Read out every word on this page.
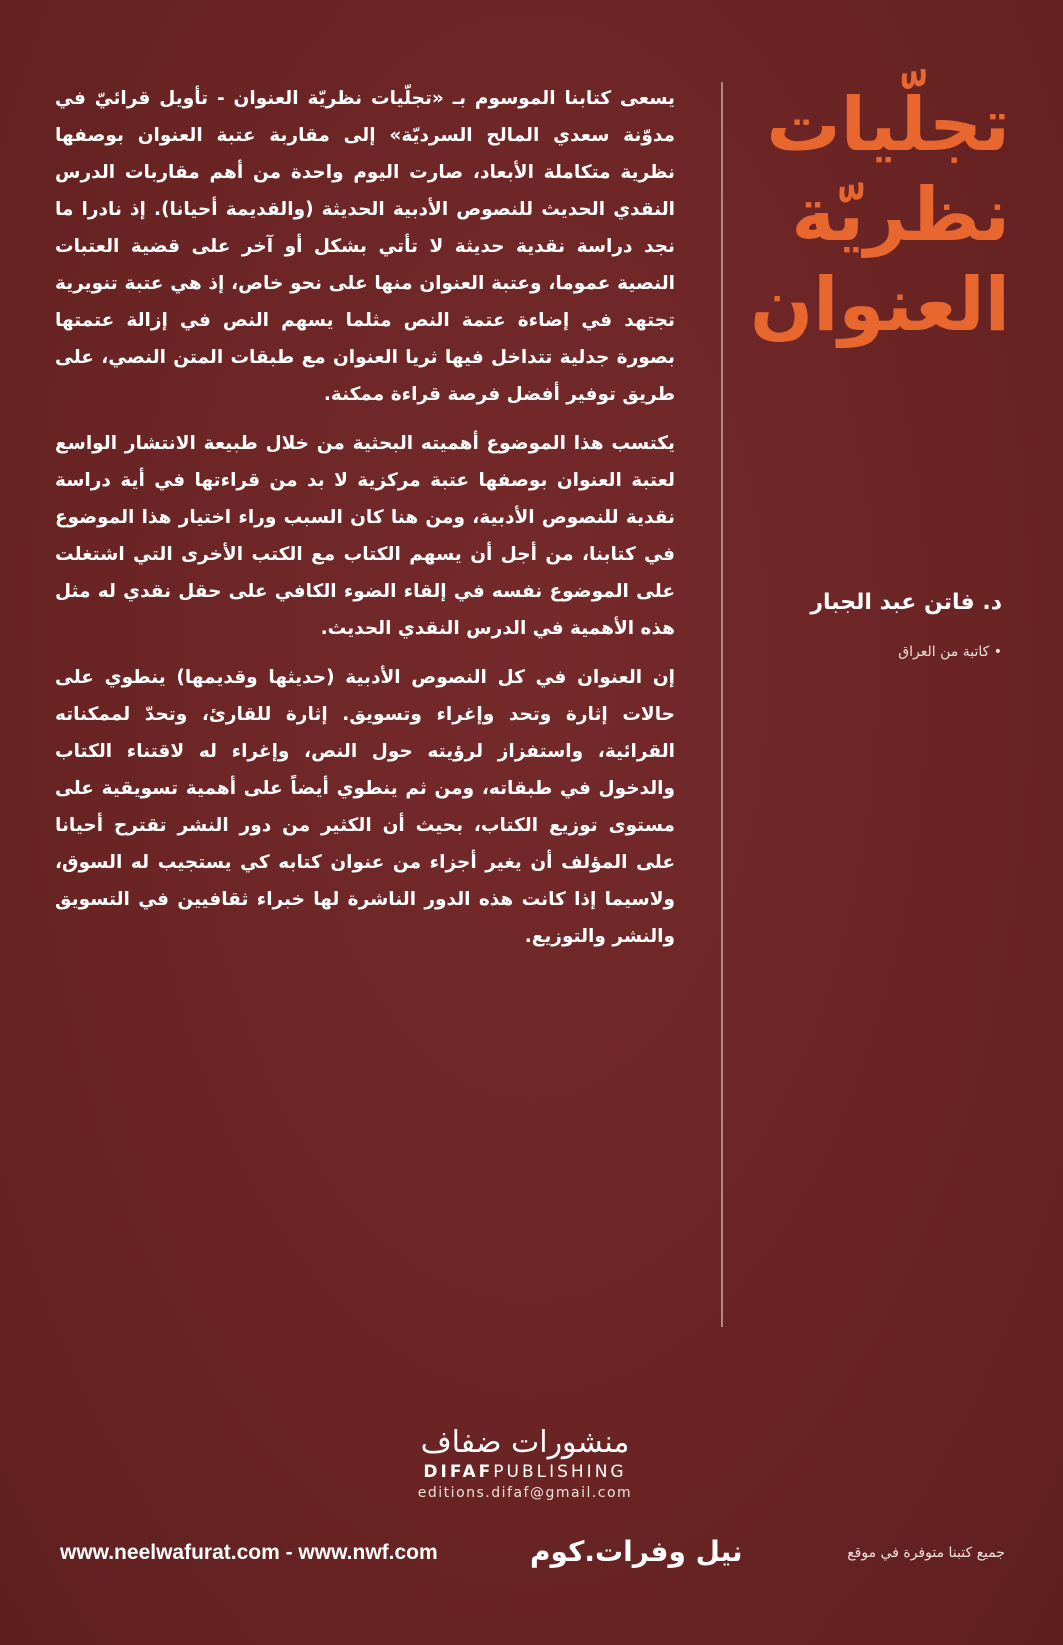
تجلّيات
نظريّة
العنوان
د. فاتن عبد الجبار
• كاتبة من العراق

يسعى كتابنا الموسوم بـ «تجلّيات نظريّة العنوان - تأويل قرائيّ في مدوّنة سعدي المالح السرديّة» إلى مقاربة عتبة العنوان بوصفها نظرية متكاملة الأبعاد، صارت اليوم واحدة من أهم مقاربات الدرس النقدي الحديث للنصوص الأدبية الحديثة (والقديمة أحيانا). إذ نادرا ما نجد دراسة نقدية حديثة لا تأتي بشكل أو آخر على قضية العتبات النصية عموما، وعتبة العنوان منها على نحو خاص، إذ هي عتبة تنويرية تجتهد في إضاءة عتمة النص مثلما يسهم النص في إزالة عتمتها بصورة جدلية تتداخل فيها ثريا العنوان مع طبقات المتن النصي، على طريق توفير أفضل فرصة قراءة ممكنة.

يكتسب هذا الموضوع أهميته البحثية من خلال طبيعة الانتشار الواسع لعتبة العنوان بوصفها عتبة مركزية لا بد من قراءتها في أية دراسة نقدية للنصوص الأدبية، ومن هنا كان السبب وراء اختيار هذا الموضوع في كتابنا، من أجل أن يسهم الكتاب مع الكتب الأخرى التي اشتغلت على الموضوع نفسه في إلقاء الضوء الكافي على حقل نقدي له مثل هذه الأهمية في الدرس النقدي الحديث.

إن العنوان في كل النصوص الأدبية (حديثها وقديمها) ينطوي على حالات إثارة وتحد وإغراء وتسويق. إثارة للقارئ، وتحدّ لممكناته القرائية، واستفزاز لرؤيته حول النص، وإغراء له لاقتناء الكتاب والدخول في طبقاته، ومن ثم ينطوي أيضاً على أهمية تسويقية على مستوى توزيع الكتاب، بحيث أن الكثير من دور النشر تقترح أحيانا على المؤلف أن يغير أجزاء من عنوان كتابه كي يستجيب له السوق، ولاسيما إذا كانت هذه الدور الناشرة لها خبراء ثقافيين في التسويق والنشر والتوزيع.

منشورات ضفاف
DIFAFPUBLISHING
editions.difaf@gmail.com
www.neelwafurat.com - www.nwf.com	نيل وفرات.كوم	جميع كتبنا متوفرة في موقع
